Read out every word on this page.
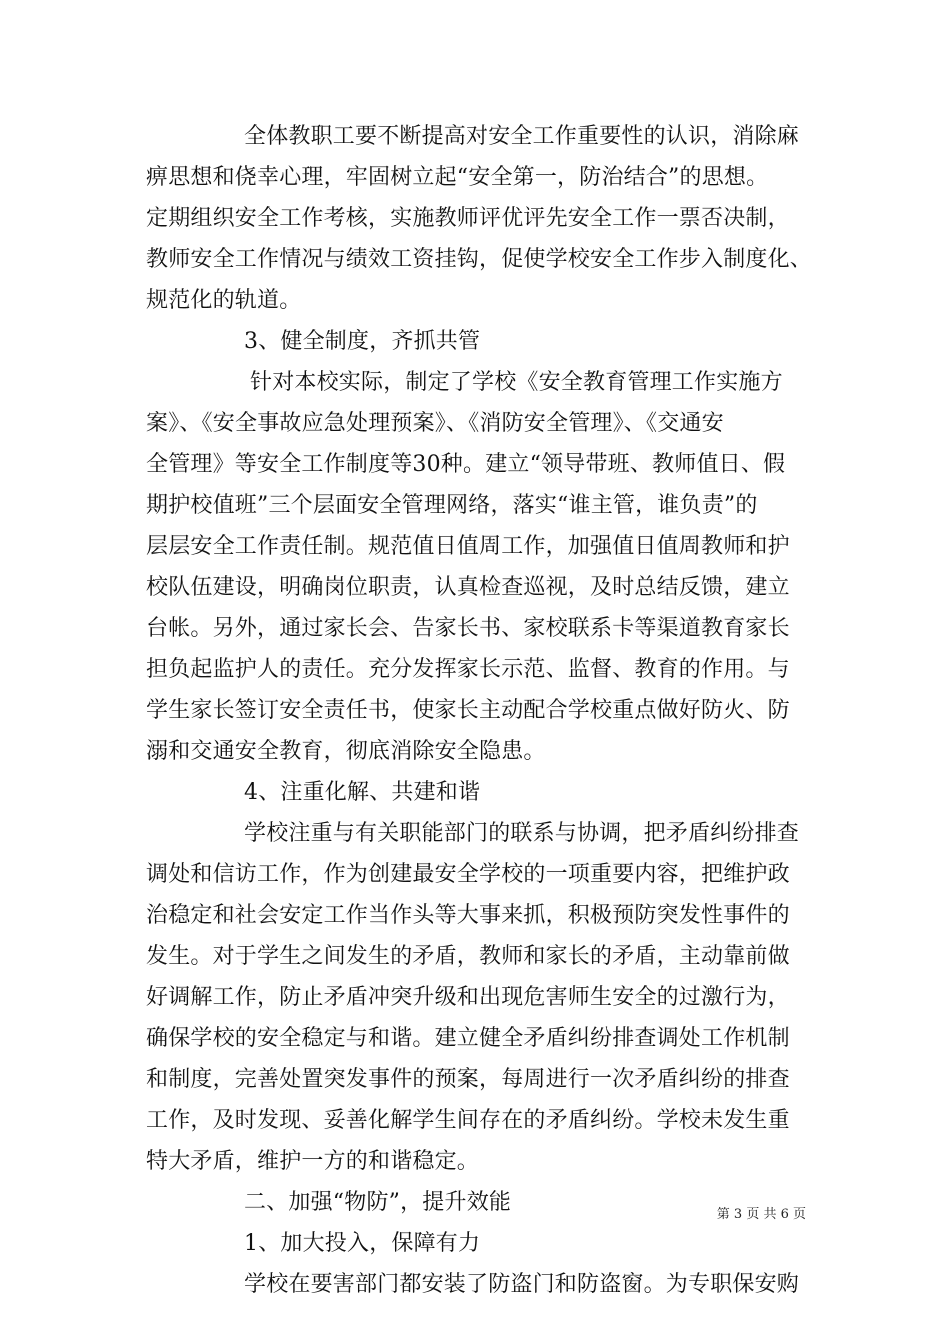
全体教职工要不断提高对安全工作重要性的认识，消除麻
痹思想和侥幸心理，牢固树立起“安全第一，防治结合”的思想。
定期组织安全工作考核，实施教师评优评先安全工作一票否决制，
教师安全工作情况与绩效工资挂钩，促使学校安全工作步入制度化、
规范化的轨道。
3、健全制度，齐抓共管
针对本校实际，制定了学校《安全教育管理工作实施方
案》、《安全事故应急处理预案》、《消防安全管理》、《交通安
全管理》等安全工作制度等30种。建立“领导带班、教师值日、假
期护校值班”三个层面安全管理网络，落实“谁主管，谁负责”的
层层安全工作责任制。规范值日值周工作，加强值日值周教师和护
校队伍建设，明确岗位职责，认真检查巡视，及时总结反馈，建立
台帐。另外，通过家长会、告家长书、家校联系卡等渠道教育家长
担负起监护人的责任。充分发挥家长示范、监督、教育的作用。与
学生家长签订安全责任书，使家长主动配合学校重点做好防火、防
溺和交通安全教育，彻底消除安全隐患。
4、注重化解、共建和谐
学校注重与有关职能部门的联系与协调，把矛盾纠纷排查
调处和信访工作，作为创建最安全学校的一项重要内容，把维护政
治稳定和社会安定工作当作头等大事来抓，积极预防突发性事件的
发生。对于学生之间发生的矛盾，教师和家长的矛盾，主动靠前做
好调解工作，防止矛盾冲突升级和出现危害师生安全的过激行为，
确保学校的安全稳定与和谐。建立健全矛盾纠纷排查调处工作机制
和制度，完善处置突发事件的预案，每周进行一次矛盾纠纷的排查
工作，及时发现、妥善化解学生间存在的矛盾纠纷。学校未发生重
特大矛盾，维护一方的和谐稳定。
二、加强“物防”，提升效能
1、加大投入，保障有力
学校在要害部门都安装了防盗门和防盗窗。为专职保安购
第 3 页 共 6 页
